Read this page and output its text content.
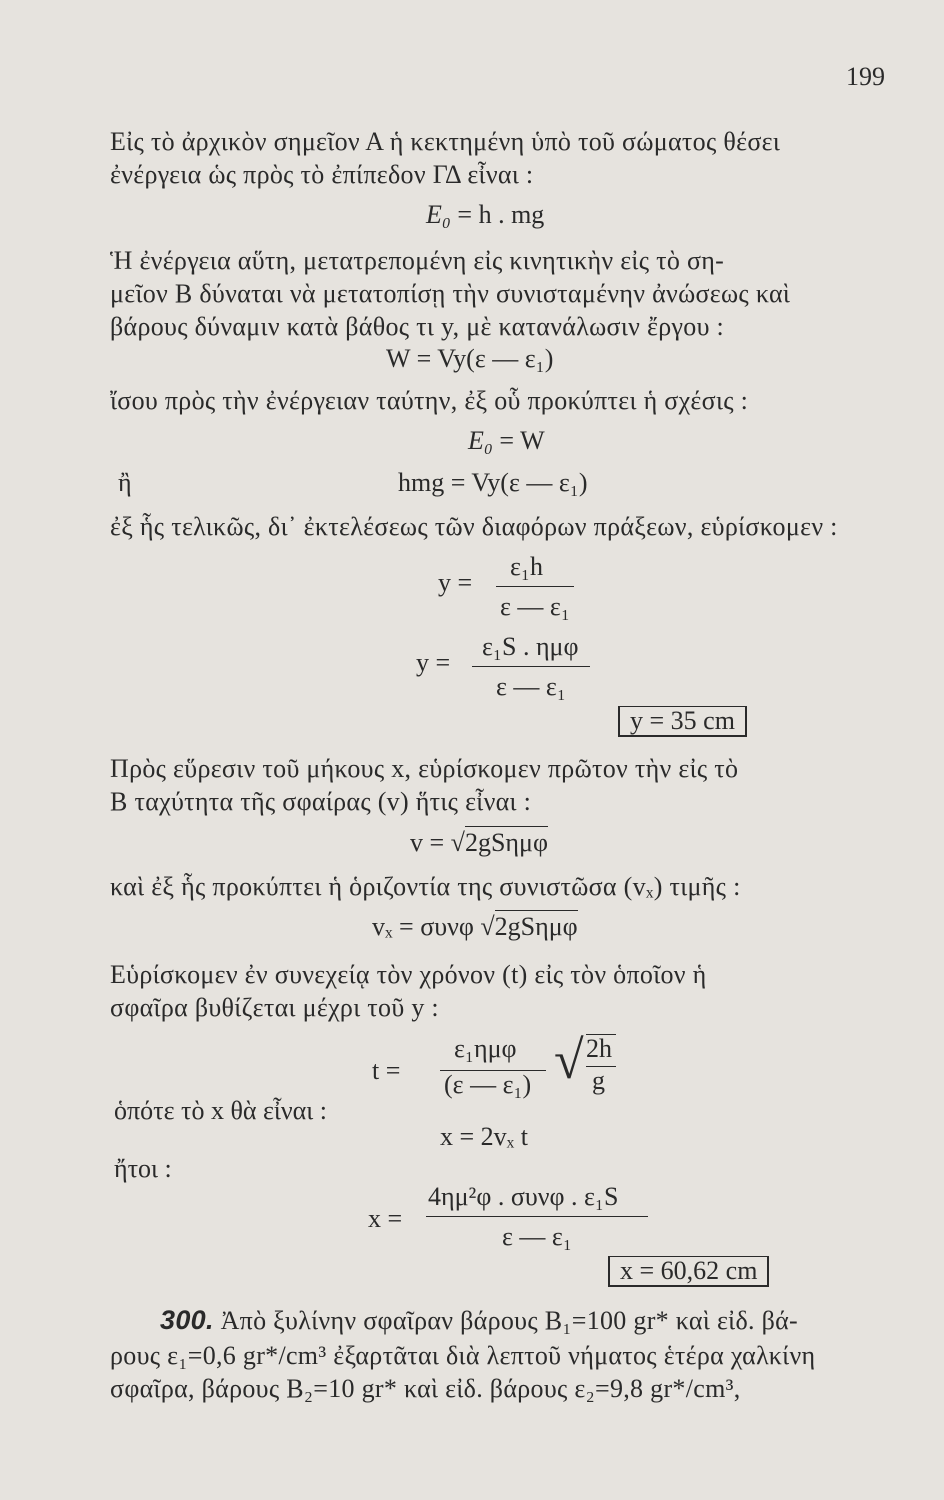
199
Εἰς τὸ ἀρχικὸν σημεῖον Α ἡ κεκτημένη ὑπὸ τοῦ σώματος θέσει
ἐνέργεια ὡς πρὸς τὸ ἐπίπεδον ΓΔ εἶναι :
E₀ = h . mg
Ἡ ἐνέργεια αὕτη, μετατρεπομένη εἰς κινητικὴν εἰς τὸ ση-
μεῖον Β δύναται νὰ μετατοπίσῃ τὴν συνισταμένην ἀνώσεως καὶ
βάρους δύναμιν κατὰ βάθος τι y, μὲ κατανάλωσιν ἔργου :
W = Vy(ε — ε₁)
ἴσου πρὸς τὴν ἐνέργειαν ταύτην, ἐξ οὗ προκύπτει ἡ σχέσις :
E₀ = W
ἢ	hmg = Vy(ε — ε₁)
ἐξ ἧς τελικῶς, δι᾽ ἐκτελέσεως τῶν διαφόρων πράξεων, εὑρίσκομεν :
y =
ε₁h
ε — ε₁
y =
ε₁S . ημφ
ε — ε₁
y = 35 cm
Πρὸς εὕρεσιν τοῦ μήκους x, εὑρίσκομεν πρῶτον τὴν εἰς τὸ
Β ταχύτητα τῆς σφαίρας (v) ἥτις εἶναι :
v = √2gSημφ
καὶ ἐξ ἧς προκύπτει ἡ ὁριζοντία της συνιστῶσα (vₓ) τιμῆς :
vₓ = συνφ √2gSημφ
Εὑρίσκομεν ἐν συνεχείᾳ τὸν χρόνον (t) εἰς τὸν ὁποῖον ἡ
σφαῖρα βυθίζεται μέχρι τοῦ y :
t =
ε₁ημφ
(ε — ε₁) √ 2h
g
ὁπότε τὸ x θὰ εἶναι :
x = 2vₓ t
ἤτοι :
x =
4ημ²φ . συνφ . ε₁S
ε — ε₁
x = 60,62 cm
300. Ἀπὸ ξυλίνην σφαῖραν βάρους Β₁=100 gr* καὶ εἰδ. βά-
ρους ε₁=0,6 gr*/cm³ ἐξαρτᾶται διὰ λεπτοῦ νήματος ἑτέρα χαλκίνη
σφαῖρα, βάρους Β₂=10 gr* καὶ εἰδ. βάρους ε₂=9,8 gr*/cm³,
